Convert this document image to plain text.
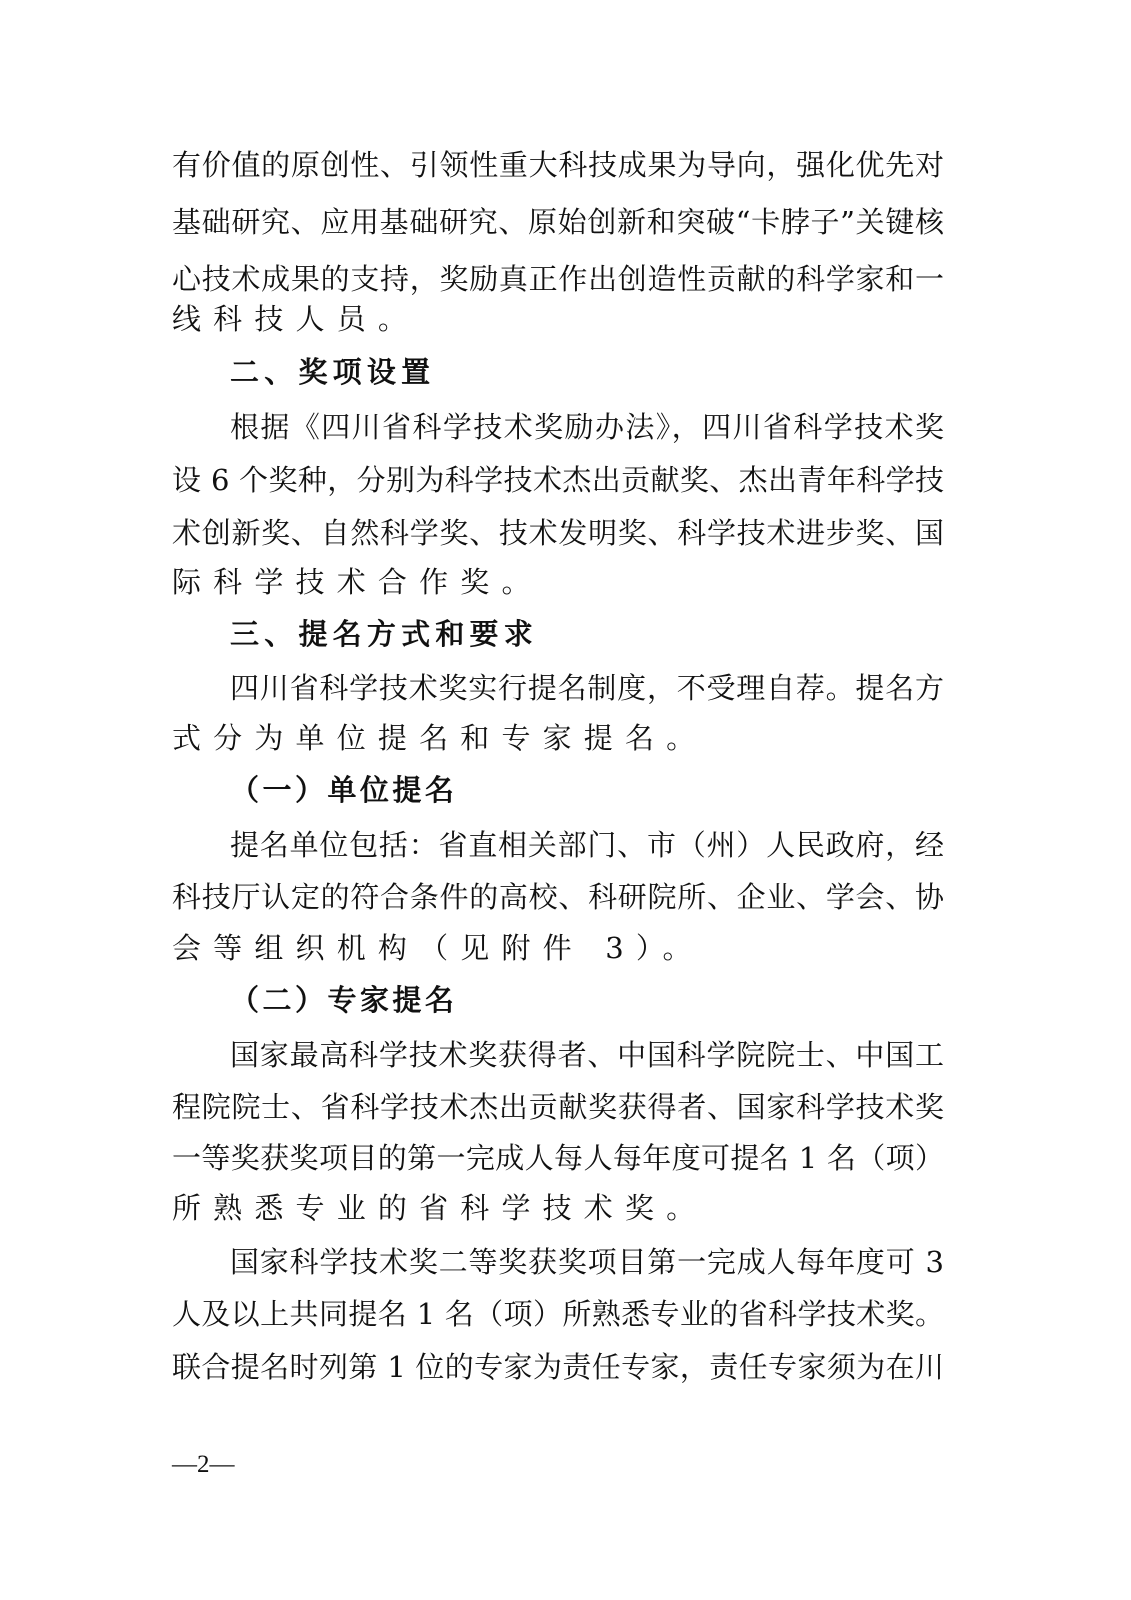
有价值的原创性、引领性重大科技成果为导向，强化优先对
基础研究、应用基础研究、原始创新和突破“卡脖子”关键核
心技术成果的支持，奖励真正作出创造性贡献的科学家和一
线科技人员。
二、奖项设置
根据《四川省科学技术奖励办法》，四川省科学技术奖
设 6 个奖种，分别为科学技术杰出贡献奖、杰出青年科学技
术创新奖、自然科学奖、技术发明奖、科学技术进步奖、国
际科学技术合作奖。
三、提名方式和要求
四川省科学技术奖实行提名制度，不受理自荐。提名方
式分为单位提名和专家提名。
（一）单位提名
提名单位包括：省直相关部门、市（州）人民政府，经
科技厅认定的符合条件的高校、科研院所、企业、学会、协
会等组织机构（见附件 3）。
（二）专家提名
国家最高科学技术奖获得者、中国科学院院士、中国工
程院院士、省科学技术杰出贡献奖获得者、国家科学技术奖
一等奖获奖项目的第一完成人每人每年度可提名 1 名（项）
所熟悉专业的省科学技术奖。
国家科学技术奖二等奖获奖项目第一完成人每年度可 3
人及以上共同提名 1 名（项）所熟悉专业的省科学技术奖。
联合提名时列第 1 位的专家为责任专家，责任专家须为在川
—2—
